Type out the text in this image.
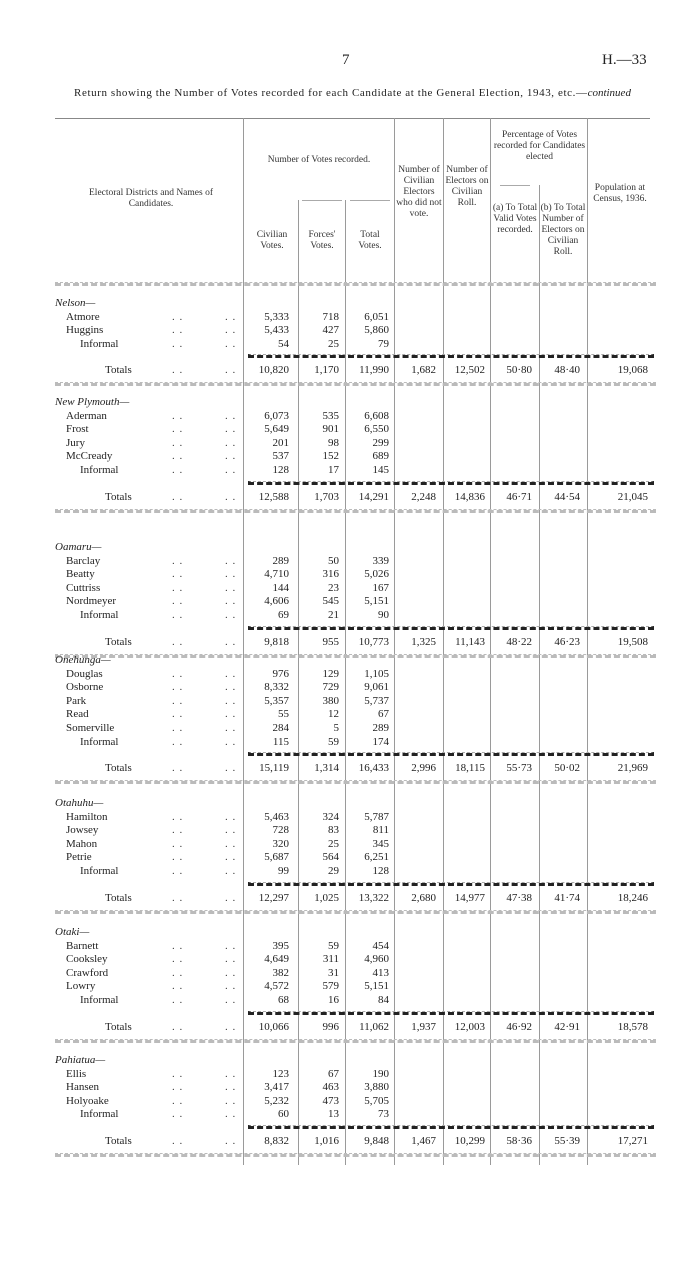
7	H.—33
Return showing the Number of Votes recorded for each Candidate at the General Election, 1943, etc.—continued
Electoral Districts and Names of Candidates.
Number of Votes recorded.
Civilian Votes.
Forces' Votes.
Total Votes.
Number of Civilian Electors who did not vote.
Number of Electors on Civilian Roll.
Percentage of Votes recorded for Candidates elected
(a) To Total Valid Votes recorded.
(b) To Total Number of Electors on Civilian Roll.
Population at Census, 1936.
Nelson—
Atmore	. .	. .	5,333	718	6,051
Huggins	. .	. .	5,433	427	5,860
Informal	. .	. .	54	25	79
Totals	. .	. .	10,820	1,170	11,990	1,682	12,502	50·80	48·40	19,068
New Plymouth—
Aderman	. .	. .	6,073	535	6,608
Frost	. .	. .	5,649	901	6,550
Jury	. .	. .	201	98	299
McCready	. .	. .	537	152	689
Informal	. .	. .	128	17	145
Totals	. .	. .	12,588	1,703	14,291	2,248	14,836	46·71	44·54	21,045
Oamaru—
Barclay	. .	. .	289	50	339
Beatty	. .	. .	4,710	316	5,026
Cuttriss	. .	. .	144	23	167
Nordmeyer	. .	. .	4,606	545	5,151
Informal	. .	. .	69	21	90
Totals	. .	. .	9,818	955	10,773	1,325	11,143	48·22	46·23	19,508
Onehunga—
Douglas	. .	. .	976	129	1,105
Osborne	. .	. .	8,332	729	9,061
Park	. .	. .	5,357	380	5,737
Read	. .	. .	55	12	67
Somerville	. .	. .	284	5	289
Informal	. .	. .	115	59	174
Totals	. .	. .	15,119	1,314	16,433	2,996	18,115	55·73	50·02	21,969
Otahuhu—
Hamilton	. .	. .	5,463	324	5,787
Jowsey	. .	. .	728	83	811
Mahon	. .	. .	320	25	345
Petrie	. .	. .	5,687	564	6,251
Informal	. .	. .	99	29	128
Totals	. .	. .	12,297	1,025	13,322	2,680	14,977	47·38	41·74	18,246
Otaki—
Barnett	. .	. .	395	59	454
Cooksley	. .	. .	4,649	311	4,960
Crawford	. .	. .	382	31	413
Lowry	. .	. .	4,572	579	5,151
Informal	. .	. .	68	16	84
Totals	. .	. .	10,066	996	11,062	1,937	12,003	46·92	42·91	18,578
Pahiatua—
Ellis	. .	. .	123	67	190
Hansen	. .	. .	3,417	463	3,880
Holyoake	. .	. .	5,232	473	5,705
Informal	. .	. .	60	13	73
Totals	. .	. .	8,832	1,016	9,848	1,467	10,299	58·36	55·39	17,271
